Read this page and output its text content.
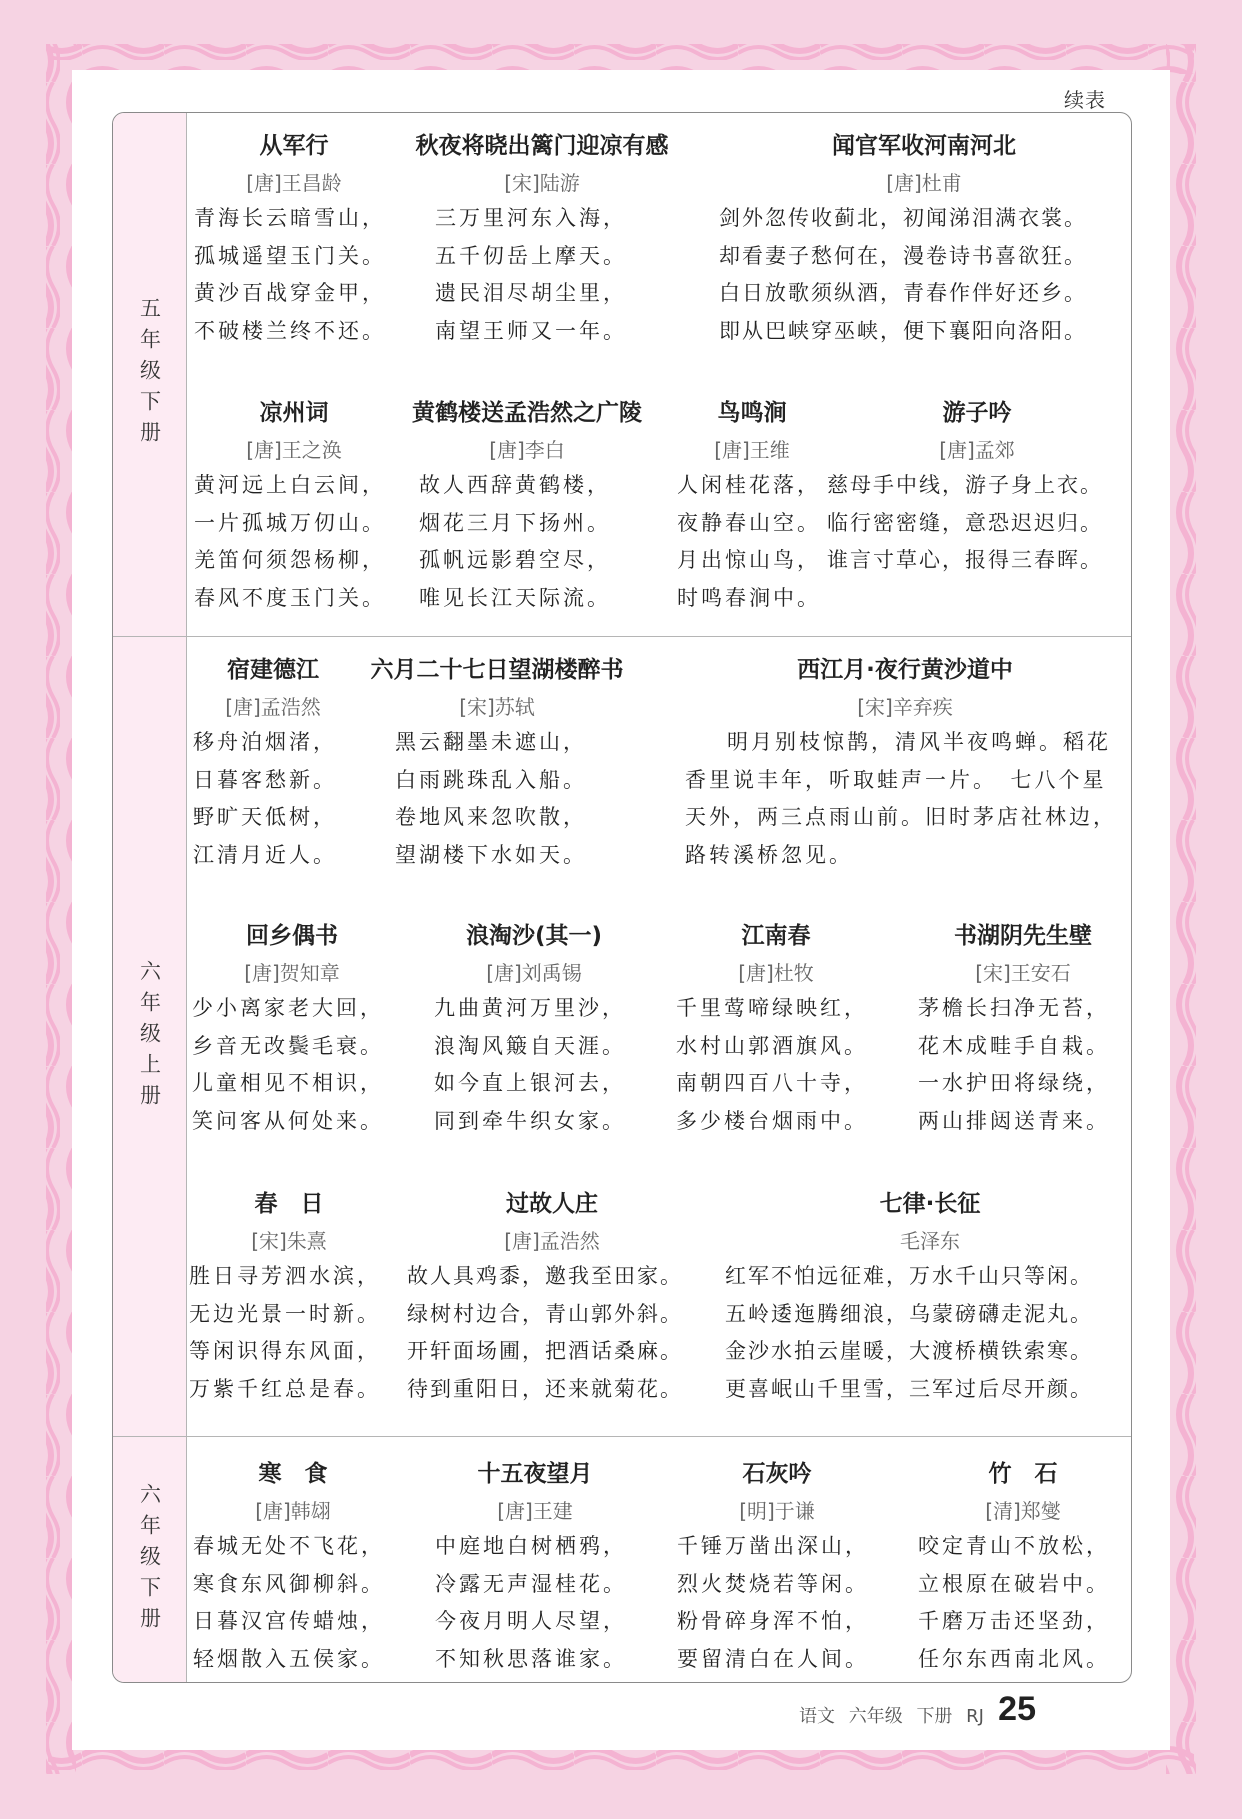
续表
五年级下册
从军行
[唐]王昌龄
青海长云暗雪山，
孤城遥望玉门关。
黄沙百战穿金甲，
不破楼兰终不还。
秋夜将晓出篱门迎凉有感
[宋]陆游
三万里河东入海，
五千仞岳上摩天。
遗民泪尽胡尘里，
南望王师又一年。
闻官军收河南河北
[唐]杜甫
剑外忽传收蓟北，初闻涕泪满衣裳。
却看妻子愁何在，漫卷诗书喜欲狂。
白日放歌须纵酒，青春作伴好还乡。
即从巴峡穿巫峡，便下襄阳向洛阳。
凉州词
[唐]王之涣
黄河远上白云间，
一片孤城万仞山。
羌笛何须怨杨柳，
春风不度玉门关。
黄鹤楼送孟浩然之广陵
[唐]李白
故人西辞黄鹤楼，
烟花三月下扬州。
孤帆远影碧空尽，
唯见长江天际流。
鸟鸣涧
[唐]王维
人闲桂花落，
夜静春山空。
月出惊山鸟，
时鸣春涧中。
游子吟
[唐]孟郊
慈母手中线，游子身上衣。
临行密密缝，意恐迟迟归。
谁言寸草心，报得三春晖。
六年级上册
宿建德江
[唐]孟浩然
移舟泊烟渚，
日暮客愁新。
野旷天低树，
江清月近人。
六月二十七日望湖楼醉书
[宋]苏轼
黑云翻墨未遮山，
白雨跳珠乱入船。
卷地风来忽吹散，
望湖楼下水如天。
西江月·夜行黄沙道中
[宋]辛弃疾
明月别枝惊鹊，清风半夜鸣蝉。稻花香里说丰年，听取蛙声一片。　七八个星天外，两三点雨山前。旧时茅店社林边，路转溪桥忽见。
回乡偶书
[唐]贺知章
少小离家老大回，
乡音无改鬓毛衰。
儿童相见不相识，
笑问客从何处来。
浪淘沙(其一)
[唐]刘禹锡
九曲黄河万里沙，
浪淘风簸自天涯。
如今直上银河去，
同到牵牛织女家。
江南春
[唐]杜牧
千里莺啼绿映红，
水村山郭酒旗风。
南朝四百八十寺，
多少楼台烟雨中。
书湖阴先生壁
[宋]王安石
茅檐长扫净无苔，
花木成畦手自栽。
一水护田将绿绕，
两山排闼送青来。
春　日
[宋]朱熹
胜日寻芳泗水滨，
无边光景一时新。
等闲识得东风面，
万紫千红总是春。
过故人庄
[唐]孟浩然
故人具鸡黍，邀我至田家。
绿树村边合，青山郭外斜。
开轩面场圃，把酒话桑麻。
待到重阳日，还来就菊花。
七律·长征
毛泽东
红军不怕远征难，万水千山只等闲。
五岭逶迤腾细浪，乌蒙磅礴走泥丸。
金沙水拍云崖暖，大渡桥横铁索寒。
更喜岷山千里雪，三军过后尽开颜。
六年级下册
寒　食
[唐]韩翃
春城无处不飞花，
寒食东风御柳斜。
日暮汉宫传蜡烛，
轻烟散入五侯家。
十五夜望月
[唐]王建
中庭地白树栖鸦，
冷露无声湿桂花。
今夜月明人尽望，
不知秋思落谁家。
石灰吟
[明]于谦
千锤万凿出深山，
烈火焚烧若等闲。
粉骨碎身浑不怕，
要留清白在人间。
竹　石
[清]郑燮
咬定青山不放松，
立根原在破岩中。
千磨万击还坚劲，
任尔东西南北风。
语文 六年级 下册 RJ 25
